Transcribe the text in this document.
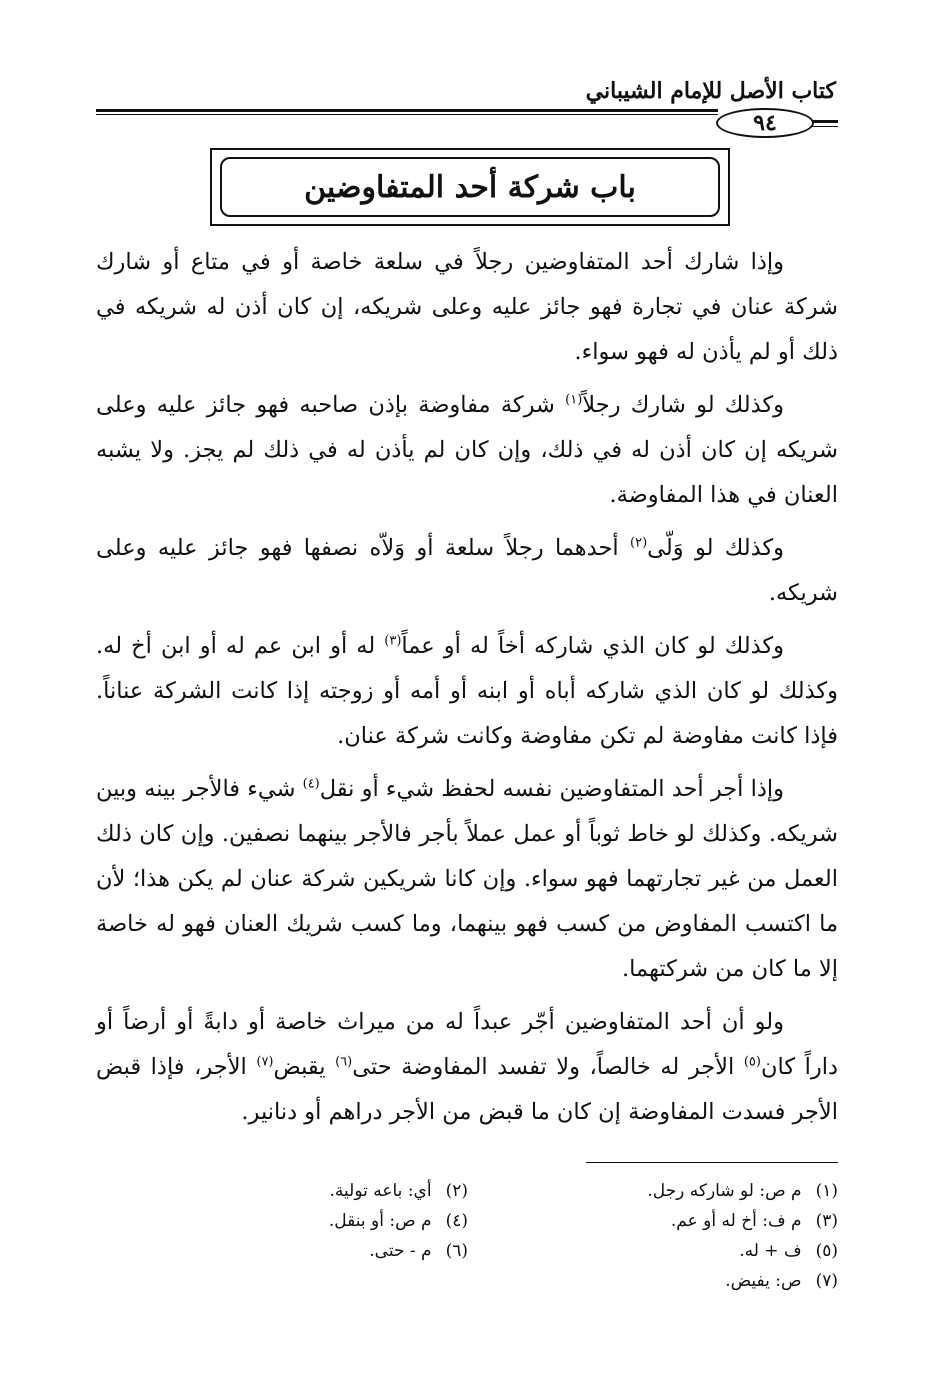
كتاب الأصل للإمام الشيباني
٩٤
باب شركة أحد المتفاوضين

وإذا شارك أحد المتفاوضين رجلاً في سلعة خاصة أو في متاع أو شارك شركة عنان في تجارة فهو جائز عليه وعلى شريكه، إن كان أذن له شريكه في ذلك أو لم يأذن له فهو سواء.

وكذلك لو شارك رجلاً$^{(١)}$ شركة مفاوضة بإذن صاحبه فهو جائز عليه وعلى شريكه إن كان أذن له في ذلك، وإن كان لم يأذن له في ذلك لم يجز. ولا يشبه العنان في هذا المفاوضة.

وكذلك لو وَلّى$^{(٢)}$ أحدهما رجلاً سلعة أو وَلاّه نصفها فهو جائز عليه وعلى شريكه.

وكذلك لو كان الذي شاركه أخاً له أو عماً$^{(٣)}$ له أو ابن عم له أو ابن أخ له. وكذلك لو كان الذي شاركه أباه أو ابنه أو أمه أو زوجته إذا كانت الشركة عناناً. فإذا كانت مفاوضة لم تكن مفاوضة وكانت شركة عنان.

وإذا أجر أحد المتفاوضين نفسه لحفظ شيء أو نقل$^{(٤)}$ شيء فالأجر بينه وبين شريكه. وكذلك لو خاط ثوباً أو عمل عملاً بأجر فالأجر بينهما نصفين. وإن كان ذلك العمل من غير تجارتهما فهو سواء. وإن كانا شريكين شركة عنان لم يكن هذا؛ لأن ما اكتسب المفاوض من كسب فهو بينهما، وما كسب شريك العنان فهو له خاصة إلا ما كان من شركتهما.

ولو أن أحد المتفاوضين أجّر عبداً له من ميراث خاصة أو دابةً أو أرضاً أو داراً كان$^{(٥)}$ الأجر له خالصاً، ولا تفسد المفاوضة حتى$^{(٦)}$ يقبض$^{(٧)}$ الأجر، فإذا قبض الأجر فسدت المفاوضة إن كان ما قبض من الأجر دراهم أو دنانير.

(١)م ص: لو شاركه رجل.
(٢)أي: باعه تولية.
(٣)م ف: أخ له أو عم.
(٤)م ص: أو بنقل.
(٥)ف + له.
(٦)م - حتى.
(٧)ص: يفيض.
